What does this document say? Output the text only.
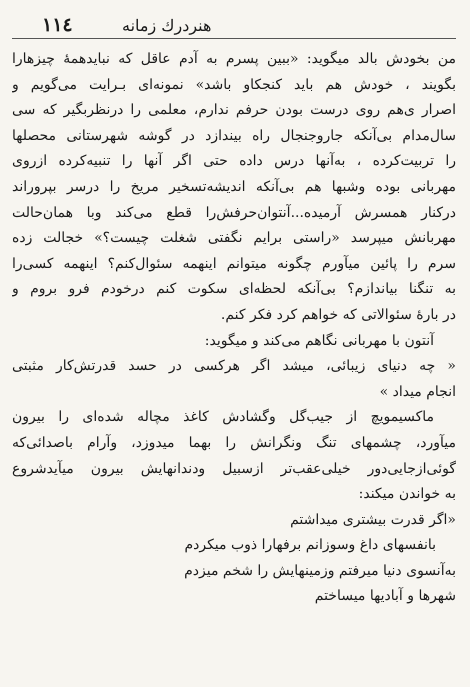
١١٤	هنردرك زمانه
من بخودش بالد میگوید: «ببین پسرم به آدم عاقل که نبایدهمهٔ چیزهارا
بگویند ، خودش هم باید کنجکاو باشد» نمونه‌ای بـرایت می‌گویم و
اصرار ی‌هم روی درست بودن حرفم ندارم، معلمی را درنظربگیر که سی
سال‌مدام بی‌آنکه جاروجنجال راه بیندازد در گوشه شهرستانی محصلها
را تربیت‌کرده ، به‌آنها درس داده حتی اگر آنها را تنبیه‌کرده ازروی
مهربانی بوده وشبها هم بی‌آنکه اندیشه‌تسخیر مریخ را درسر بپروراند
درکنار همسرش آرمیده...آنتوان‌حرفش‌را قطع می‌کند وبا همان‌حالت
مهربانش میپرسد «راستی برایم نگفتی شغلت چیست؟» خجالت زده
سرم را پائین میآورم چگونه میتوانم اینهمه سئوال‌کنم؟ اینهمه کسی‌را
به تنگنا بیاندازم؟ بی‌آنکه لحظه‌ای سکوت کنم درخودم فرو بروم و
در بارهٔ سئوالاتی که خواهم کرد فکر کنم.
آنتون با مهربانی نگاهم می‌کند و میگوید:
« چه دنیای زیبائی، میشد اگر هرکسی در حسد قدرتش‌کار مثبتی
انجام میداد »
ماکسیمویچ از جیب‌گل وگشادش کاغذ مچاله شده‌ای را بیرون
میآورد، چشمهای تنگ ونگرانش را بهما میدوزد، وآرام باصدائی‌که
گوئی‌ازجایی‌دور خیلی‌عقب‌تر ازسبیل ودندانهایش بیرون میآیدشروع
به خواندن میکند:
«اگر قدرت بیشتری میداشتم
بانفسهای داغ وسوزانم برفهارا ذوب میکردم
به‌آنسوی دنیا میرفتم وزمینهایش را شخم میزدم
شهرها و آبادیها میساختم
